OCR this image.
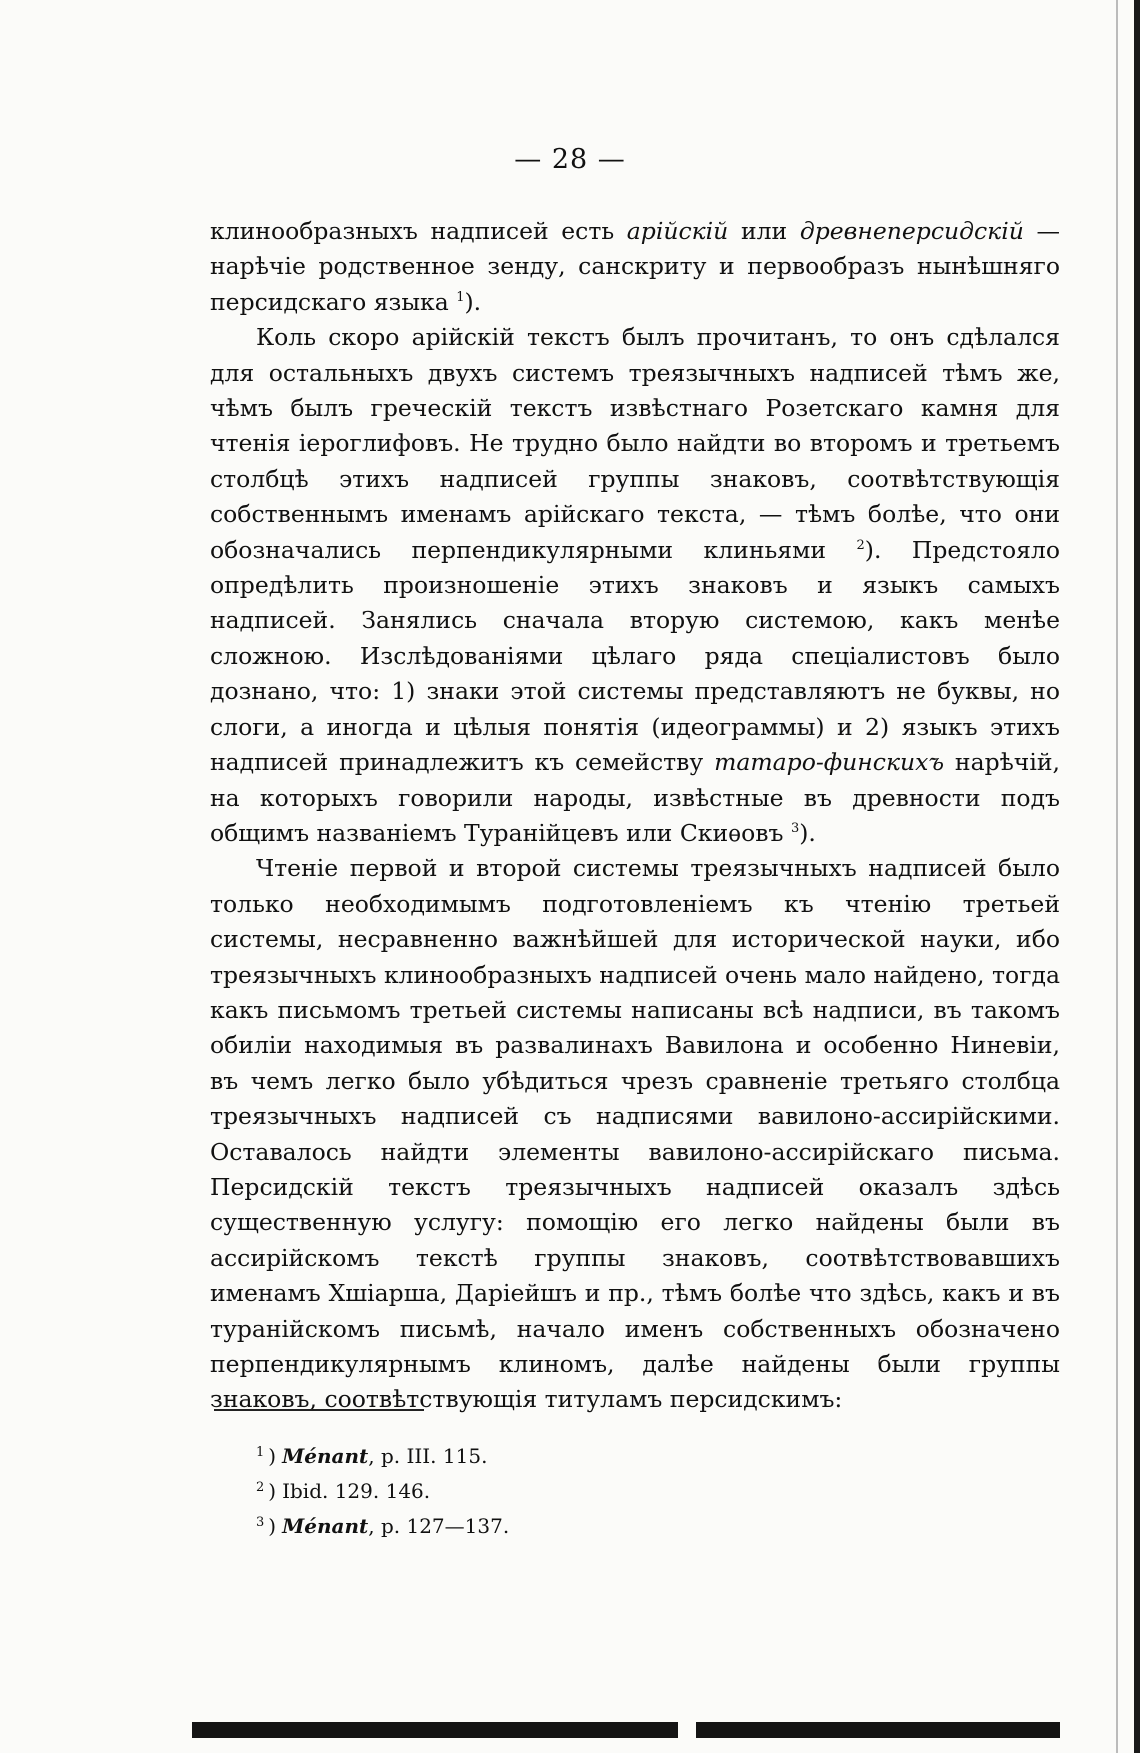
— 28 —

клинообразныхъ надписей есть арійскій или древнеперсидскій — нарѣчіе родственное зенду, санскриту и первообразъ нынѣшняго персидскаго языка $^1$).

Коль скоро арійскій текстъ былъ прочитанъ, то онъ сдѣлался для остальныхъ двухъ системъ треязычныхъ надписей тѣмъ же, чѣмъ былъ греческій текстъ извѣстнаго Розетскаго камня для чтенія іероглифовъ. Не трудно было найдти во второмъ и третьемъ столбцѣ этихъ надписей группы знаковъ, соотвѣтствующія собственнымъ именамъ арійскаго текста, — тѣмъ болѣе, что они обозначались перпендикулярными клиньями $^2$). Предстояло опредѣлить произношеніе этихъ знаковъ и языкъ самыхъ надписей. Занялись сначала вторую системою, какъ менѣе сложною. Изслѣдованіями цѣлаго ряда спеціалистовъ было дознано, что: 1) знаки этой системы представляютъ не буквы, но слоги, а иногда и цѣлыя понятія (идеограммы) и 2) языкъ этихъ надписей принадлежитъ къ семейству татаро-финскихъ нарѣчій, на которыхъ говорили народы, извѣстные въ древности подъ общимъ названіемъ Туранійцевъ или Скиѳовъ $^3$).

Чтеніе первой и второй системы треязычныхъ надписей было только необходимымъ подготовленіемъ къ чтенію третьей системы, несравненно важнѣйшей для исторической науки, ибо треязычныхъ клинообразныхъ надписей очень мало найдено, тогда какъ письмомъ третьей системы написаны всѣ надписи, въ такомъ обиліи находимыя въ развалинахъ Вавилона и особенно Ниневіи, въ чемъ легко было убѣдиться чрезъ сравненіе третьяго столбца треязычныхъ надписей съ надписями вавилоно-ассирійскими. Оставалось найдти элементы вавилоно-ассирійскаго письма. Персидскій текстъ треязычныхъ надписей оказалъ здѣсь существенную услугу: помощію его легко найдены были въ ассирійскомъ текстѣ группы знаковъ, соотвѣтствовавшихъ именамъ Хшіарша, Даріейшъ и пр., тѣмъ болѣе что здѣсь, какъ и въ туранійскомъ письмѣ, начало именъ собственныхъ обозначено перпендикулярнымъ клиномъ, далѣе найдены были группы знаковъ, соотвѣтствующія титуламъ персидскимъ:

$^1$ ) Ménant, p. III. 115.
$^2$ ) Ibid. 129. 146.
$^3$ ) Ménant, p. 127—137.
